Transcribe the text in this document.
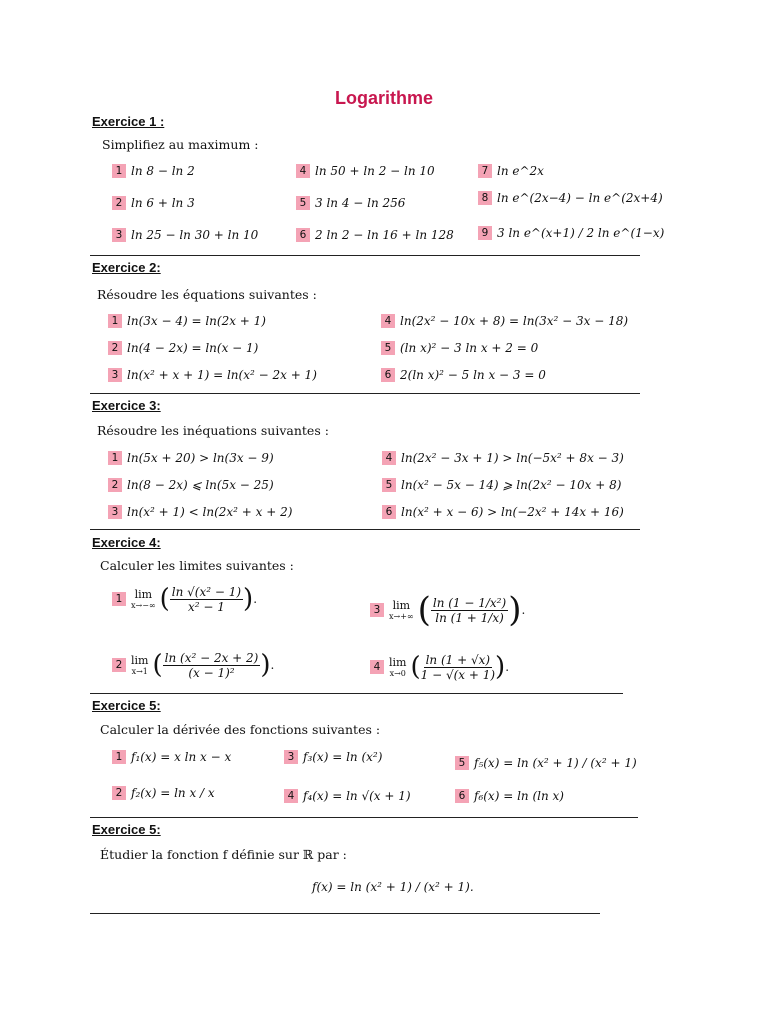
Logarithme
Exercice 1 :
Simplifiez au maximum :
1 ln 8 − ln 2
2 ln 6 + ln 3
3 ln 25 − ln 30 + ln 10
4 ln 50 + ln 2 − ln 10
5 3 ln 4 − ln 256
6 2 ln 2 − ln 16 + ln 128
7 ln e^2x
8 ln e^(2x−4) − ln e^(2x+4)
9 3 ln e^(x+1) / 2 ln e^(1−x)
Exercice 2:
Résoudre les équations suivantes :
1 ln(3x − 4) = ln(2x + 1)
2 ln(4 − 2x) = ln(x − 1)
3 ln(x² + x + 1) = ln(x² − 2x + 1)
4 ln(2x² − 10x + 8) = ln(3x² − 3x − 18)
5 (ln x)² − 3 ln x + 2 = 0
6 2(ln x)² − 5 ln x − 3 = 0
Exercice 3:
Résoudre les inéquations suivantes :
1 ln(5x + 20) > ln(3x − 9)
2 ln(8 − 2x) ⩽ ln(5x − 25)
3 ln(x² + 1) < ln(2x² + x + 2)
4 ln(2x² − 3x + 1) > ln(−5x² + 8x − 3)
5 ln(x² − 5x − 14) ⩾ ln(2x² − 10x + 8)
6 ln(x² + x − 6) > ln(−2x² + 14x + 16)
Exercice 4:
Calculer les limites suivantes :
1	lim
x→−∞ ( $\frac{\text{ln √(x² − 1)}}{\text{x² − 1}}$ ) .
2 lim
x→1 ( $\frac{\text{ln (x² − 2x + 2)}}{\text{(x − 1)²}}$ ) .
3	lim
x→+∞ ( $\frac{\text{ln (1 − 1/x²)}}{\ln (1 + 1/x)}$ ) .
4 lim
x→0 ( $\frac{\ln (1 + √x)}{1 - √(x + 1)}$ ) .
Exercice 5:
Calculer la dérivée des fonctions suivantes :
1 f₁(x) = x ln x − x
2 f₂(x) = ln x / x
3 f₃(x) = ln (x²)
4 f₄(x) = ln √(x + 1)
5 f₅(x) = ln (x² + 1) / (x² + 1)
6 f₆(x) = ln (ln x)
Exercice 5:
Étudier la fonction f définie sur ℝ par :
f(x) = ln (x² + 1) / (x² + 1).
